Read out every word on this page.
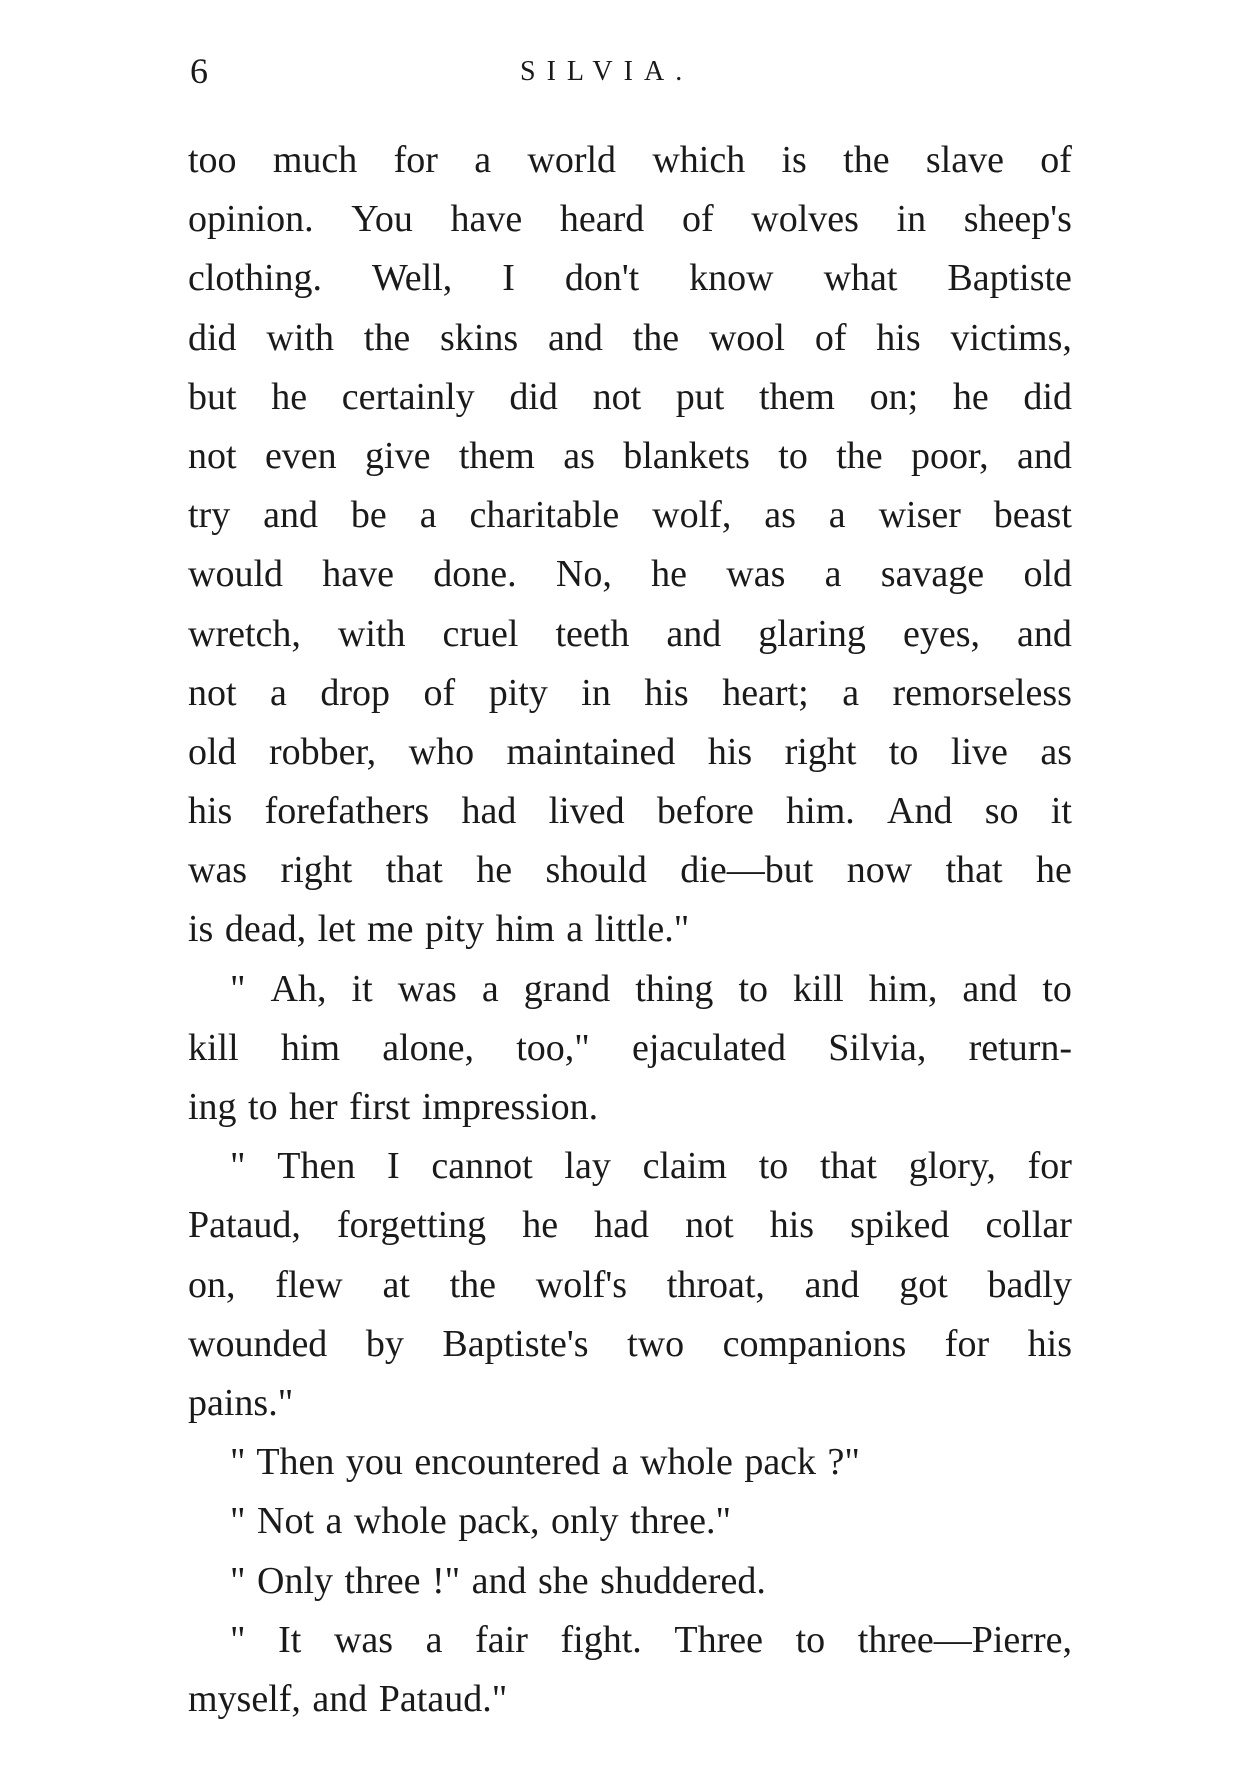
6	SILVIA.
too much for a world which is the slave of
opinion. You have heard of wolves in sheep's
clothing. Well, I don't know what Baptiste
did with the skins and the wool of his victims,
but he certainly did not put them on; he did
not even give them as blankets to the poor, and
try and be a charitable wolf, as a wiser beast
would have done. No, he was a savage old
wretch, with cruel teeth and glaring eyes, and
not a drop of pity in his heart; a remorseless
old robber, who maintained his right to live as
his forefathers had lived before him. And so it
was right that he should die—but now that he
is dead, let me pity him a little."
" Ah, it was a grand thing to kill him, and to
kill him alone, too," ejaculated Silvia, return-
ing to her first impression.
" Then I cannot lay claim to that glory, for
Pataud, forgetting he had not his spiked collar
on, flew at the wolf's throat, and got badly
wounded by Baptiste's two companions for his
pains."
" Then you encountered a whole pack ?"
" Not a whole pack, only three."
" Only three !" and she shuddered.
" It was a fair fight. Three to three—Pierre,
myself, and Pataud."
